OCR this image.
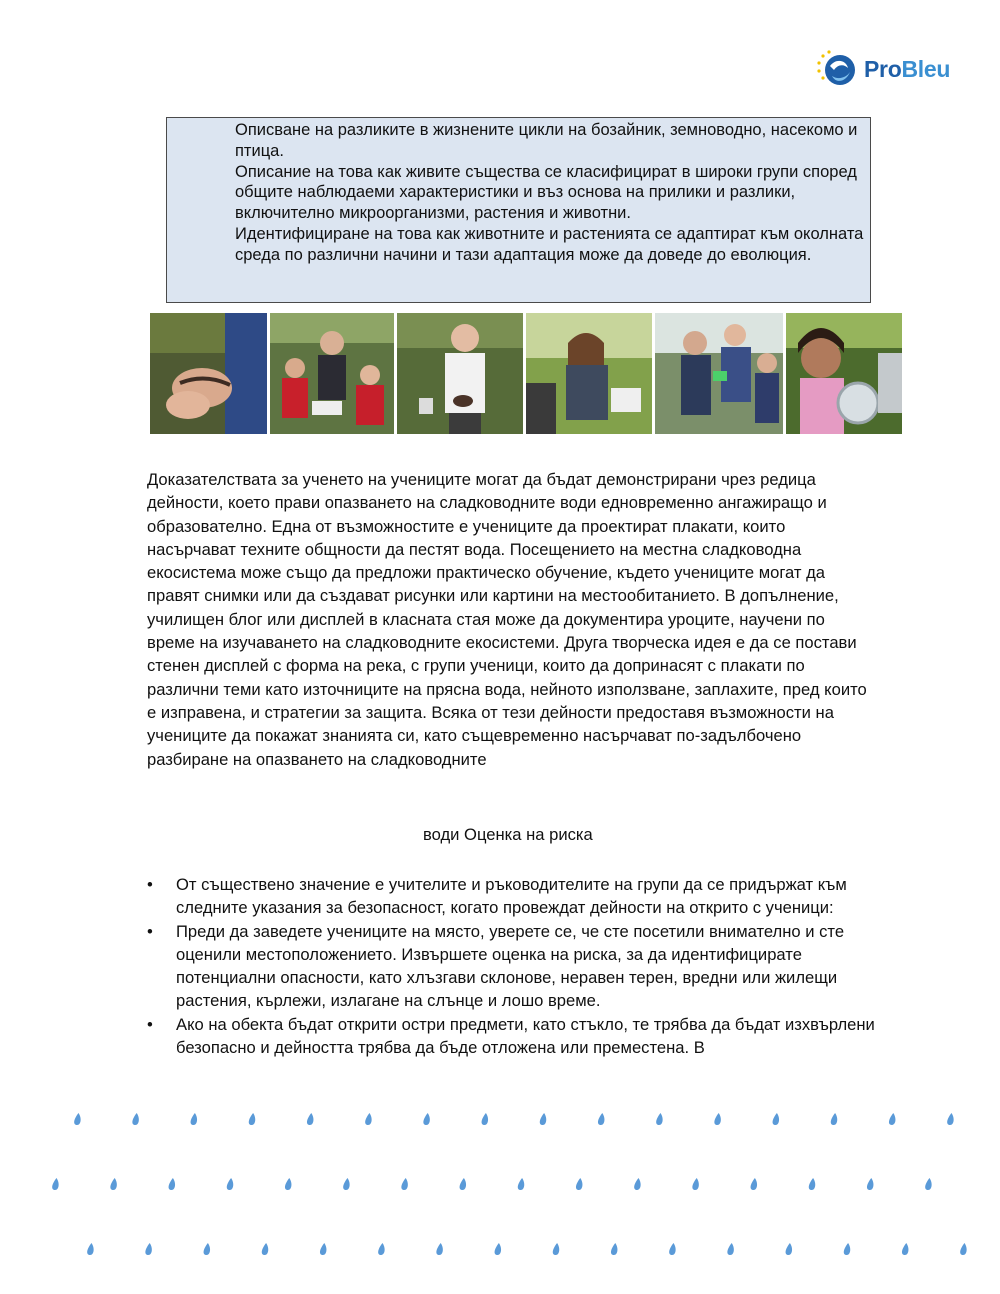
ProBleu

Описване на разликите в жизнените цикли на бозайник, земноводно, насекомо и птица.

Описание на това как живите същества се класифицират в широки групи според общите наблюдаеми характеристики и въз основа на прилики и разлики, включително микроорганизми, растения и животни.

Идентифициране на това как животните и растенията се адаптират към околната среда по различни начини и тази адаптация може да доведе до еволюция.

Доказателствата за ученето на учениците могат да бъдат демонстрирани чрез редица дейности, което прави опазването на сладководните води едновременно ангажиращо и образователно. Една от възможностите е учениците да проектират плакати, които насърчават техните общности да пестят вода. Посещението на местна сладководна екосистема може също да предложи практическо обучение, където учениците могат да правят снимки или да създават рисунки или картини на местообитанието. В допълнение, училищен блог или дисплей в класната стая може да документира уроците, научени по време на изучаването на сладководните екосистеми. Друга творческа идея е да се постави стенен дисплей с форма на река, с групи ученици, които да допринасят с плакати по различни теми като източниците на прясна вода, нейното използване, заплахите, пред които е изправена, и стратегии за защита. Всяка от тези дейности предоставя възможности на учениците да покажат знанията си, като същевременно насърчават по-задълбочено разбиране на опазването на сладководните

води Оценка на риска

• От съществено значение е учителите и ръководителите на групи да се придържат към следните указания за безопасност, когато провеждат дейности на открито с ученици:
• Преди да заведете учениците на място, уверете се, че сте посетили внимателно и сте оценили местоположението. Извършете оценка на риска, за да идентифицирате потенциални опасности, като хлъзгави склонове, неравен терен, вредни или жилещи растения, кърлежи, излагане на слънце и лошо време.
• Ако на обекта бъдат открити остри предмети, като стъкло, те трябва да бъдат изхвърлени безопасно и дейността трябва да бъде отложена или преместена. В
